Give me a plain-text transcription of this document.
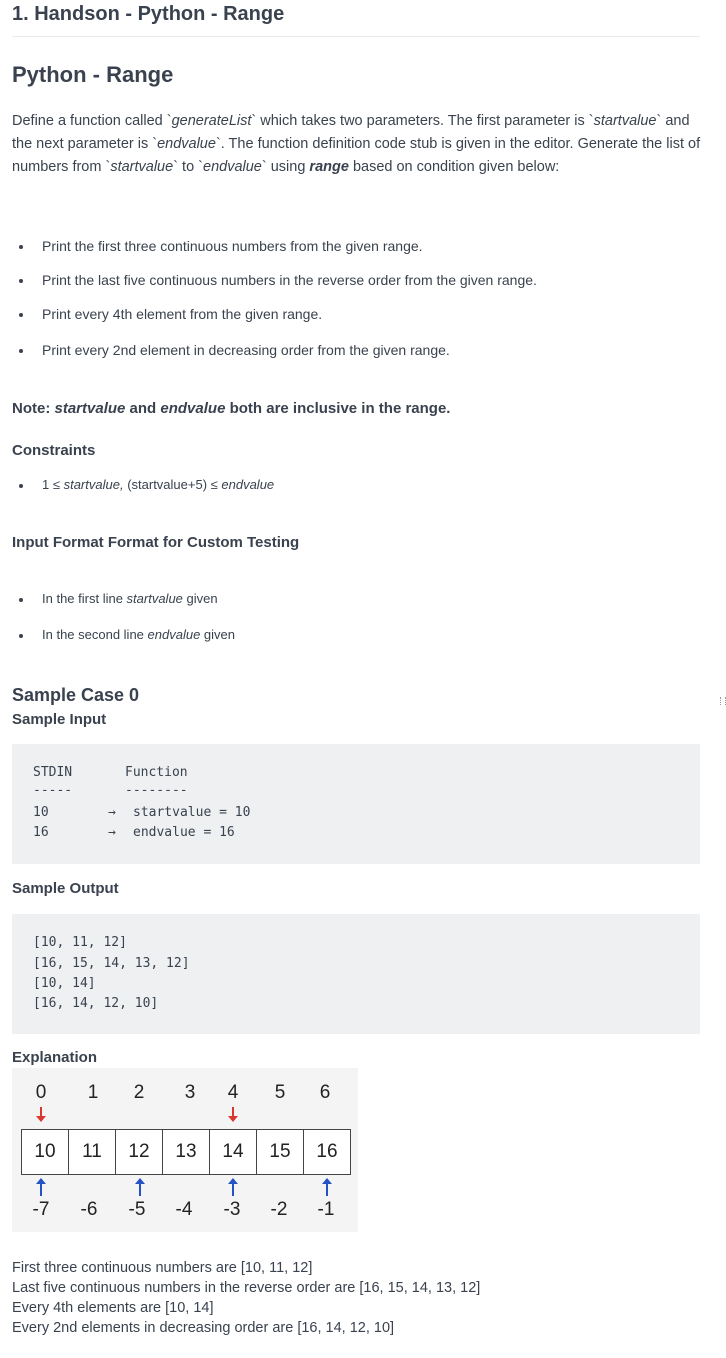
1. Handson - Python - Range
Python - Range
Define a function called `generateList` which takes two parameters. The first parameter is `startvalue` and the next parameter is `endvalue`. The function definition code stub is given in the editor. Generate the list of numbers from `startvalue` to `endvalue` using range based on condition given below:
Print the first three continuous numbers from the given range.
Print the last five continuous numbers in the reverse order from the given range.
Print every 4th element from the given range.
Print every 2nd element in decreasing order from the given range.
Note: startvalue and endvalue both are inclusive in the range.
Constraints
1 ≤ startvalue, (startvalue+5) ≤ endvalue
Input Format Format for Custom Testing
In the first line startvalue given
In the second line endvalue given
Sample Case 0
Sample Input
STDIN	Function
-----	--------
10	→ startvalue = 10
16	→ endvalue = 16
Sample Output
[10, 11, 12]
[16, 15, 14, 13, 12]
[10, 14]
[16, 14, 12, 10]
Explanation
0	1	2	3	4	5	6
10	11	12	13	14	15	16
-7	-6	-5	-4	-3	-2	-1
First three continuous numbers are [10, 11, 12]
Last five continuous numbers in the reverse order are [16, 15, 14, 13, 12]
Every 4th elements are [10, 14]
Every 2nd elements in decreasing order are [16, 14, 12, 10]
